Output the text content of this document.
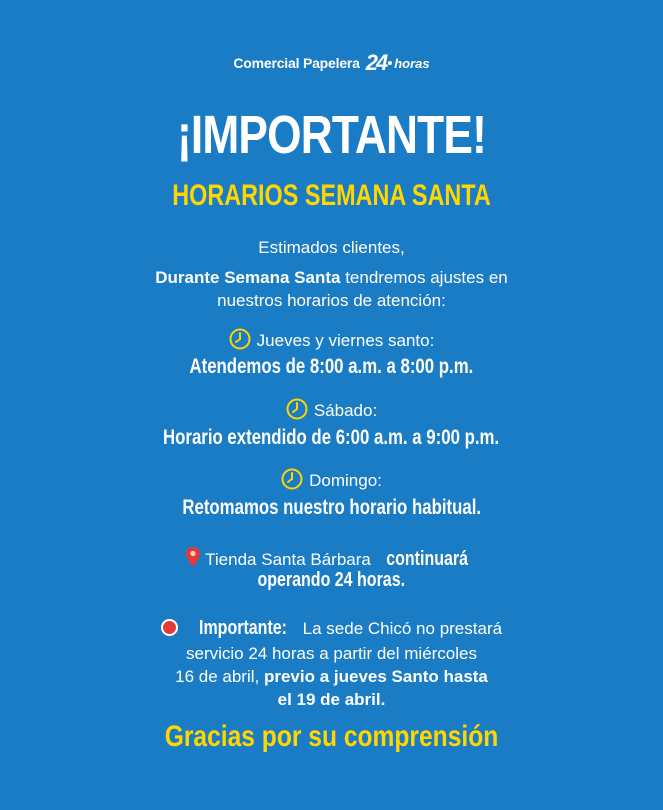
Comercial Papelera 24 horas
¡IMPORTANTE!
HORARIOS SEMANA SANTA
Estimados clientes,
Durante Semana Santa tendremos ajustes en
nuestros horarios de atención:
Jueves y viernes santo:
Atendemos de 8:00 a.m. a 8:00 p.m.
Sábado:
Horario extendido de 6:00 a.m. a 9:00 p.m.
Domingo:
Retomamos nuestro horario habitual.
Tienda Santa Bárbara continuará
operando 24 horas.
Importante: La sede Chicó no prestará
servicio 24 horas a partir del miércoles
16 de abril, previo a jueves Santo hasta
el 19 de abril.
Gracias por su comprensión
